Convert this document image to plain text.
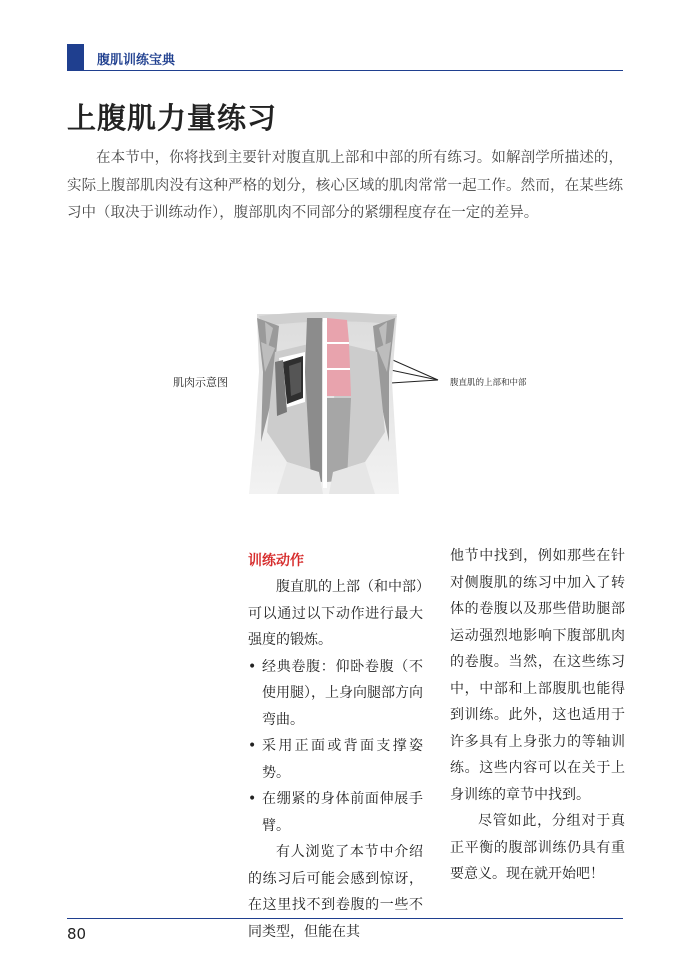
腹肌训练宝典
上腹肌力量练习

在本节中，你将找到主要针对腹直肌上部和中部的所有练习。如解剖学所描述的，实际上腹部肌肉没有这种严格的划分，核心区域的肌肉常常一起工作。然而，在某些练习中（取决于训练动作），腹部肌肉不同部分的紧绷程度存在一定的差异。

肌肉示意图	腹直肌的上部和中部
训练动作

腹直肌的上部（和中部）可以通过以下动作进行最大强度的锻炼。

• 经典卷腹：仰卧卷腹（不使用腿），上身向腿部方向弯曲。

• 采用正面或背面支撑姿势。

• 在绷紧的身体前面伸展手臂。

有人浏览了本节中介绍的练习后可能会感到惊讶，在这里找不到卷腹的一些不同类型，但能在其

他节中找到，例如那些在针对侧腹肌的练习中加入了转体的卷腹以及那些借助腿部运动强烈地影响下腹部肌肉的卷腹。当然，在这些练习中，中部和上部腹肌也能得到训练。此外，这也适用于许多具有上身张力的等轴训练。这些内容可以在关于上身训练的章节中找到。

尽管如此，分组对于真正平衡的腹部训练仍具有重要意义。现在就开始吧！

80
